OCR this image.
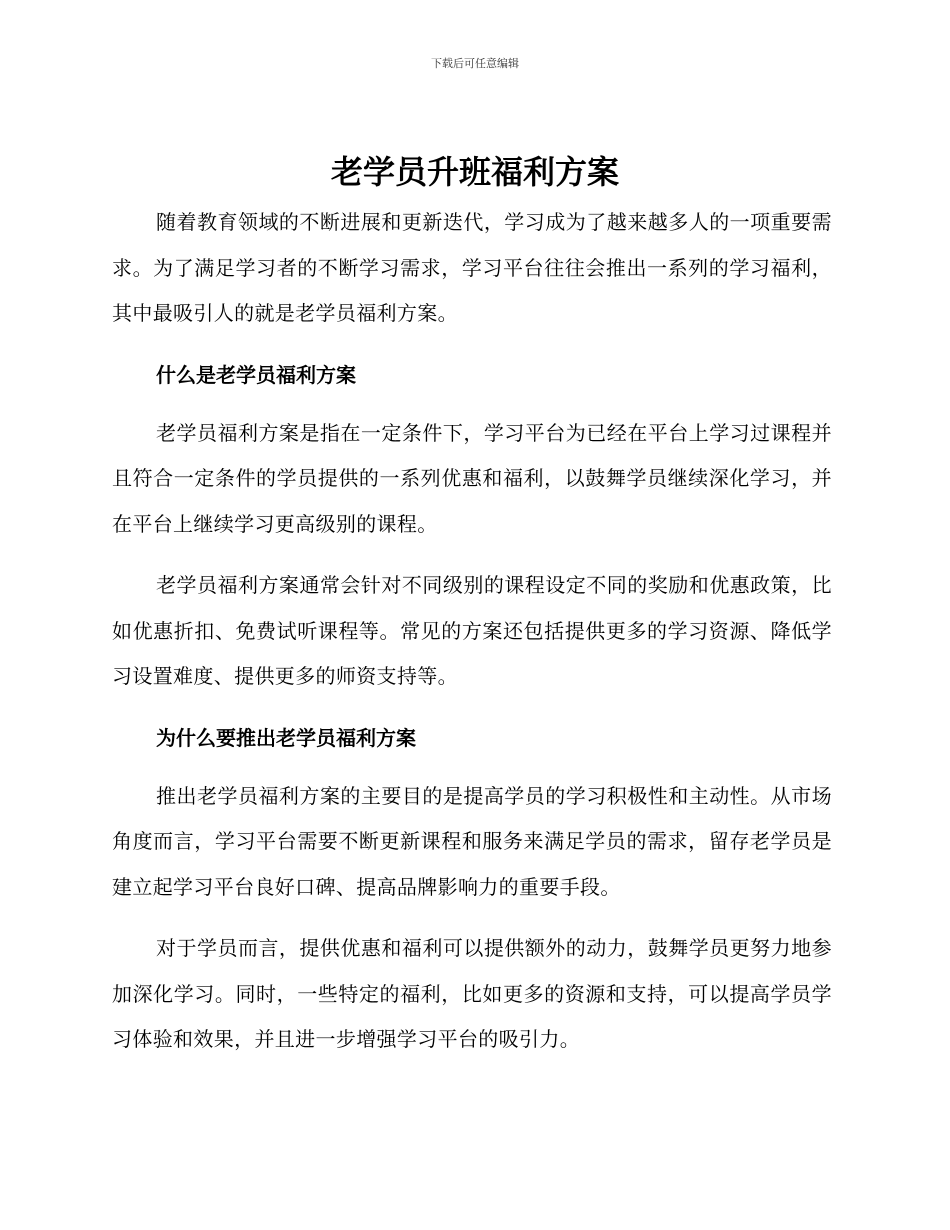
下载后可任意编辑
老学员升班福利方案

随着教育领域的不断进展和更新迭代，学习成为了越来越多人的一项重要需求。为了满足学习者的不断学习需求，学习平台往往会推出一系列的学习福利，其中最吸引人的就是老学员福利方案。

什么是老学员福利方案

老学员福利方案是指在一定条件下，学习平台为已经在平台上学习过课程并且符合一定条件的学员提供的一系列优惠和福利，以鼓舞学员继续深化学习，并在平台上继续学习更高级别的课程。

老学员福利方案通常会针对不同级别的课程设定不同的奖励和优惠政策，比如优惠折扣、免费试听课程等。常见的方案还包括提供更多的学习资源、降低学习设置难度、提供更多的师资支持等。

为什么要推出老学员福利方案

推出老学员福利方案的主要目的是提高学员的学习积极性和主动性。从市场角度而言，学习平台需要不断更新课程和服务来满足学员的需求，留存老学员是建立起学习平台良好口碑、提高品牌影响力的重要手段。

对于学员而言，提供优惠和福利可以提供额外的动力，鼓舞学员更努力地参加深化学习。同时，一些特定的福利，比如更多的资源和支持，可以提高学员学习体验和效果，并且进一步增强学习平台的吸引力。
